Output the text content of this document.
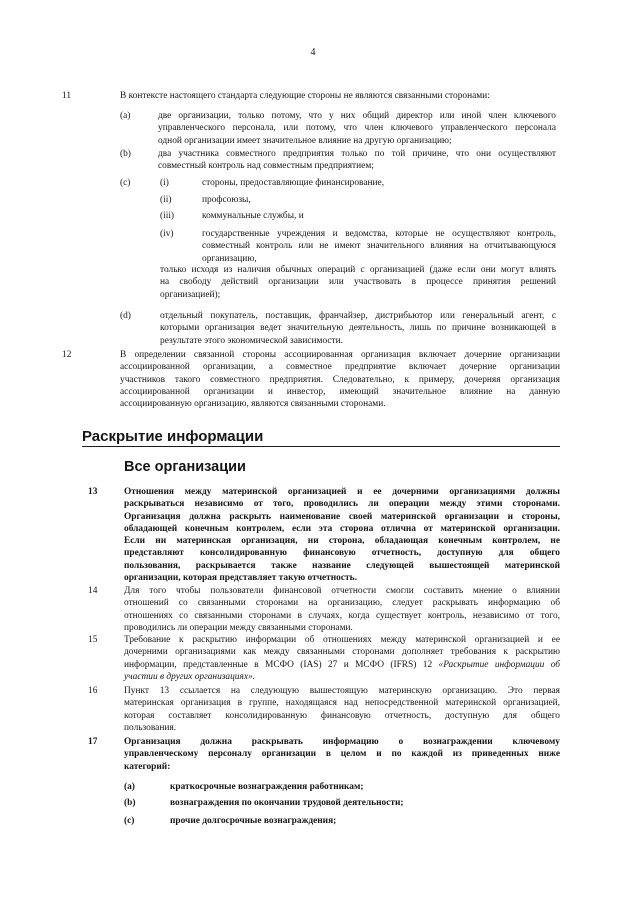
4
11	В контексте настоящего стандарта следующие стороны не являются связанными сторонами:
(a)	две организации, только потому, что у них общий директор или иной член ключевого
управленческого персонала, или потому, что член ключевого управленческого персонала
одной организации имеет значительное влияние на другую организацию;
(b)	два участника совместного предприятия только по той причине, что они осуществляют
совместный контроль над совместным предприятием;
(c)	(i)	стороны, предоставляющие финансирование,
(ii)	профсоюзы,
(iii)	коммунальные службы, и
(iv)	государственные учреждения и ведомства, которые не осуществляют контроль,
совместный контроль или не имеют значительного влияния на отчитывающуюся
организацию,
только исходя из наличия обычных операций с организацией (даже если они могут влиять
на свободу действий организации или участвовать в процессе принятия решений
организацией);
(d)	отдельный покупатель, поставщик, франчайзер, дистрибьютор или генеральный агент, с
которыми организация ведет значительную деятельность, лишь по причине возникающей в
результате этого экономической зависимости.
12	В определении связанной стороны ассоциированная организация включает дочерние организации
ассоциированной организации, а совместное предприятие включает дочерние организации
участников такого совместного предприятия. Следовательно, к примеру, дочерняя организация
ассоциированной организации и инвестор, имеющий значительное влияние на данную
ассоциированную организацию, являются связанными сторонами.
Раскрытие информации
Все организации
13	Отношения между материнской организацией и ее дочерними организациями должны
раскрываться независимо от того, проводились ли операции между этими сторонами.
Организация должна раскрыть наименование своей материнской организации и стороны,
обладающей конечным контролем, если эта сторона отлична от материнской организации.
Если ни материнская организация, ни сторона, обладающая конечным контролем, не
представляют консолидированную финансовую отчетность, доступную для общего
пользования, раскрывается также название следующей вышестоящей материнской
организации, которая представляет такую отчетность.
14	Для того чтобы пользователи финансовой отчетности смогли составить мнение о влиянии
отношений со связанными сторонами на организацию, следует раскрывать информацию об
отношениях со связанными сторонами в случаях, когда существует контроль, независимо от того,
проводились ли операции между связанными сторонами.
15	Требование к раскрытию информации об отношениях между материнской организацией и ее
дочерними организациями как между связанными сторонами дополняет требования к раскрытию
информации, представленные в МСФО (IAS) 27 и МСФО (IFRS) 12 «Раскрытие информации об
участии в других организациях».
16	Пункт 13 ссылается на следующую вышестоящую материнскую организацию. Это первая
материнская организация в группе, находящаяся над непосредственной материнской организацией,
которая составляет консолидированную финансовую отчетность, доступную для общего
пользования.
17	Организация должна раскрывать информацию о вознаграждении ключевому
управленческому персоналу организации в целом и по каждой из приведенных ниже
категорий:
(a)	краткосрочные вознаграждения работникам;
(b)	вознаграждения по окончании трудовой деятельности;
(c)	прочие долгосрочные вознаграждения;
